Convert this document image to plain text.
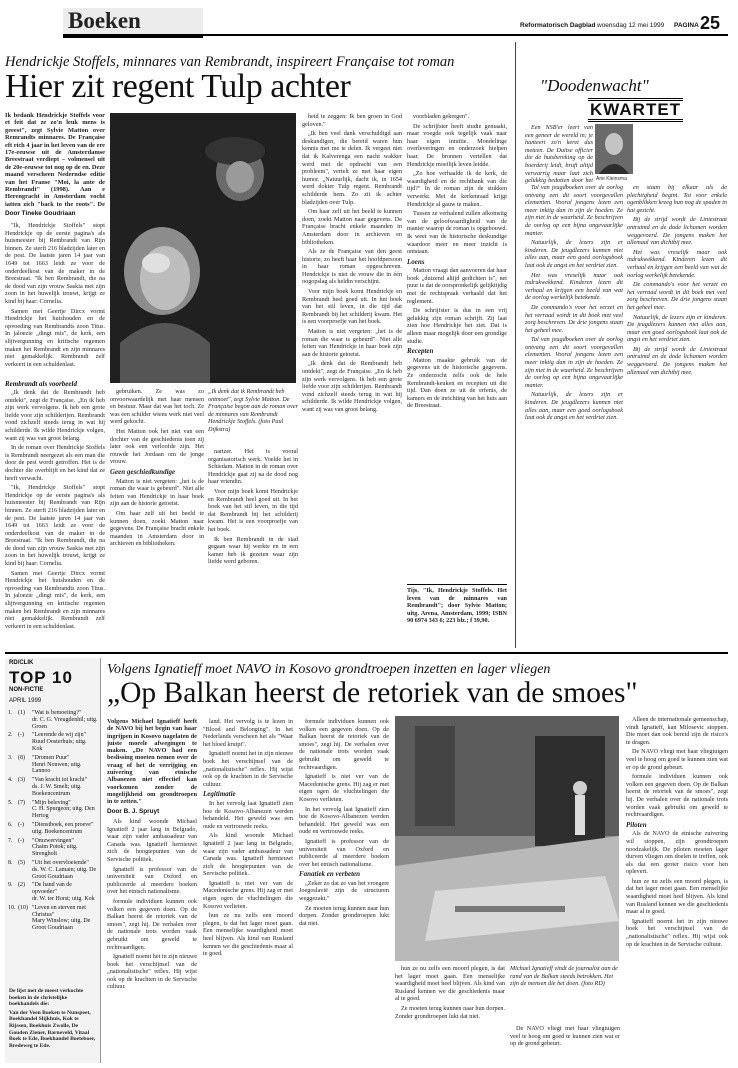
Boeken	Reformatorisch Dagblad woensdag 12 mei 1999 PAGINA 25
Hendrickje Stoffels, minnares van Rembrandt, inspireert Française tot roman
Hier zit regent Tulp achter
Ik bedank Hendrickje Stoffels voor et feit dat ze zo'n leuk mens is geeest", zegt Sylvie Matton over Remrandts minnares. De Française eft rich 4 jaar in het leven van de ere 17e-eeuwse uit de Amsterdamse Breestraat verdiept – volmensel uit de 20e-eeuwse tot nog op de en. Deze maand verscheen Nederndse editie van het Franse "Moi, la ante de Rembrandt" (1998). Aan e Herengracht in Amsterdam vocht iatten zich "back to the roots". De
Door Tineke Goudriaan

"Ik, Hendrickje Stoffels" stopt Hendrickje op de eerste pagina's als huismeester bij Rembrandt van Rijn binnen. Ze sterft 216 bladzijden later en de pest. De laatste jaren 14 jaar van 1649 tot 1663 leidt ze voor de onderdeelkost van de maker in de Breestraat. "Ik ben Rembrandt, die na de dood van zijn vrouw Saskia met zijn zoon in het huwelijk trouwt, krijgt ze kind bij haar: Cornelia.

Samen met Geertje Dircx vormt Hendrickje het huishouden en de opvoeding van Rembrandts zoon Titus. In jaloezie „dingt mis", de kerk, een slijtvergunning en kritische regenten maken het Rembrandt en zijn minnares niet gemakkelijk. Rembrandt zelf verkeert in een schuldenlast.

Rembrandt als voorbeeld

„Ik denk dat de Rembrandt heb ontdekt", zegt de Française. „En ik heb zijn werk vervolgens. Ik heb een grote liefde voor zijn schilderijen. Rembrandt vond zichzelf steeds terug in wat hij schilderde. Ik wilde Hendrickje volgen, want zij was van groot belang.

In de roman over Hendrickje Stoffels is Rembrandt neergezet als een man die door de pest wordt getroffen. Het is de dochter die overblijft en het kind dat ze heeft verwacht.

"Ik, Hendrickje Stoffels" stopt Hendrickje op de eerste pagina's als huismeester bij Rembrandt van Rijn binnen. Ze sterft 216 bladzijden later en de pest. De laatste jaren 14 jaar van 1649 tot 1663 leidt ze voor de onderdeelkost van de maker in de Breestraat. "Ik ben Rembrandt, die na de dood van zijn vrouw Saskia met zijn zoon in het huwelijk trouwt, krijgt ze kind bij haar: Cornelia.

Samen met Geertje Dircx vormt Hendrickje het huishouden en de opvoeding van Rembrandts zoon Titus. In jaloezie „dingt mis", de kerk, een slijtvergunning en kritische regenten maken het Rembrandt en zijn minnares niet gemakkelijk. Rembrandt zelf verkeert in een schuldenlast.

„Ik denk dat ik Rembrandt heb ontmoet", zegt Sylvie Matton. De Française begon aan de roman over de minnares van Rembrandt Hendrickje Stoffels. (foto Paul Dijkstra)

gebruiken. Ze was zo onvoorwaardelijk met haar mensen en bestuur. Maar dat was het toch. Ze was een schilder wiens werk niet veel werd gekocht.

Het Matton ook het niet van een dochter van de geschiedenis toen zij later ook een verloofde zijn. Het rouwde het Jordaan om de jonge vrouw.

Geen geschiedkundige

Matton is niet vergeten: „het is de roman die waar is gebeurd". Niet alle feiten van Hendrickje in haar boek zijn aan de historie getoetst.

Om haar zelf uit het beeld te kunnen doen, zoekt Matton naar gegevens. De Française bracht enkele maanden in Amsterdam door in archieven en bibliotheken.

nartzer. Het is vooral organisatorisch werk. Voelde het in Schiedam. Matton in de roman over Hendrickje gaat zij na de dood nog haar vriendin.

Voor mijn boek komt Hendrickje en Rembrandt heel goed uit. In het boek van het stil leven, in die tijd dat Rembrandt bij het schilderij kwam. Het is een voorproefje van het boek.

Ik ben Rembrandt in de stad gegaan waar hij werkte en in een kamer heb ik gezeten waar zijn liefde werd geboren.

heid te zeggen: Ik ben groen in God geloven."

„Ik ben veel dank verschuldigd aan deskundigen, die bereid waren hun kennis met me te delen. Ik vergeet niet dat ik Kalverenga een nacht wakker werd met de opdracht van een probleem", vertelt ze met haar eigen humor. „Natuurlijk, dacht ik, in 1654 werd dokter Tulp regent. Rembrandt schilderde hem. Zo zit ik achter bladzijden over Tulp.

Om haar zelf uit het beeld te kunnen doen, zoekt Matton naar gegevens. De Française bracht enkele maanden in Amsterdam door in archieven en bibliotheken.

Als ze de Française van den geest historie, zo heeft haar het hoofdpersoon in haar roman opgeschreven. Hendrickje is niet de vrouw die in één oogopslag als heldin verschijnt.

Voor mijn boek komt Hendrickje en Rembrandt heel goed uit. In het boek van het stil leven, in die tijd dat Rembrandt bij het schilderij kwam. Het is een voorproefje van het boek.

Matton is niet vergeten: „het is de roman die waar is gebeurd". Niet alle feiten van Hendrickje in haar boek zijn aan de historie getoetst.

„Ik denk dat de Rembrandt heb ontdekt", zegt de Française. „En ik heb zijn werk vervolgens. Ik heb een grote liefde voor zijn schilderijen. Rembrandt vond zichzelf steeds terug in wat hij schilderde. Ik wilde Hendrickje volgen, want zij was van groot belang.

voorbladen gekregen".

De schrijfster heeft studie gemaakt, maar voegde ook tegelijk vaak naar haar eigen intuïtie. Mondelinge overleveringen en onderzoek hielpen haar. De bronnen vertellen dat Hendrickje moeilijk leven leidde.

„Zo hoe verhaalde ik de kerk, de waardigheid en de rechtbank van die tijd?" In de roman zijn de stukken verwerkt. Met de kerkenraad krijgt Hendrickje al gauw te maken.

Tussen ze verhalend zullen afkomstig van de geloofwaardigheid van de manier waarop de roman is opgebouwd. Ik weet van de historische deskundige waardoor meer en meer inzicht is ontstaan.

Loens

Matton vraagt dan aanvoeren dat haar boek „duizend altijd gedichten is", net puur is dat de oorspronkelijk gelijktijdig met de rechtspraak verhaald dat het reglement.

De schrijfster is dus in een vrij gelukkig zijn roman schrijft. Zij laat zien hoe Hendrickje het ziet. Dat is alleen maar mogelijk door een grondige studie.

Recepten

Matton maakte gebruik van de gegevens uit de historische gegevens. Ze onderzocht zelfs ook de hele Rembrandt-keuken en recepten uit die tijd. Dan doen ze uit de erfenis, de kamers en de inrichting van het huis aan de Breestraat.

"Doodenwacht"
KWARTET
Arie Kleinsma

Een NSB'er leert van een geneer de wereld in; je hanteert zo'n keret dus meteen. De Duitse officier die de hutsbereking op de boerderij leidt, bruft altijd verwarrig maar laat zich gelukkig bedotten door het

Tal van jeugdboeken over de oorlog ontvang een dit soort voorgevallen elementen. Vooral jongens lezen een meer inktig dan in zijn de hoeden. Ze zijn niet in de waarheid. Ze beschrijven de oorlog op een bijna ongevaarlijke manier.

Natuurlijk, de lezers zijn er kinderen. De jeugdlezers kunnen niet alles aan, maar een goed oorlogsboek laat ook de angst en het verdriet zien.

Het was vreselijk maar ook indrukwekkend. Kinderen lezen dit verhaal en krijgen een beeld van wat de oorlog werkelijk betekende.

De commando's voor het verzet en het verraad wordt in dit boek met veel zorg beschreven. De drie jongens staan het geheel mee.

Tal van jeugdboeken over de oorlog ontvang een dit soort voorgevallen elementen. Vooral jongens lezen een meer inktig dan in zijn de hoeden. Ze zijn niet in de waarheid. Ze beschrijven de oorlog op een bijna ongevaarlijke manier.

Natuurlijk, de lezers zijn er kinderen. De jeugdlezers kunnen niet alles aan, maar een goed oorlogsboek laat ook de angst en het verdriet zien.

en staan bij elkaar als de plechtigheid begint. Tot voor enkele ogenblikken kreeg hun nog de spaden in hat gezicht.

Bij de strijd wordt de Liniestraat ontruimd en de dode lichamen worden weggevoerd. De jongens maken het allemaal van dichtbij mee.

Het was vreselijk maar ook indrukwekkend. Kinderen lezen dit verhaal en krijgen een beeld van wat de oorlog werkelijk betekende.

De commando's voor het verzet en het verraad wordt in dit boek met veel zorg beschreven. De drie jongens staan het geheel mee.

Natuurlijk, de lezers zijn er kinderen. De jeugdlezers kunnen niet alles aan, maar een goed oorlogsboek laat ook de angst en het verdriet zien.

Bij de strijd wordt de Liniestraat ontruimd en de dode lichamen worden weggevoerd. De jongens maken het allemaal van dichtbij mee.

Tijs, "Ik, Hendrickje Stoffels. Het leven van de minnares van Rembrandt"; door Sylvie Matton; uitg. Arena, Amsterdam, 1999; ISBN 90 6974 343 6; 223 blz.; f 39,90.
RD/CLIK
TOP 10
NON-FICTIE
APRIL 1999
1. (1)	"Wat is bemoeiing?"
dr. C. G. Vreugdenhil; uitg. Groen
2. (-)	"Leerende de wij zijn"
Ruud Oosterhuis; uitg. Kok
3. (8)	"Dromen Puur"
Henri Nouwen; uitg. Lannoo
4. (3)	"Van kracht tot kracht"
ds. J. W. Smelt; uitg. Boekencentrum
5. (7)	"Mijn beleving"
C. H. Spurgeon; uitg. Den Hertog
6. (-)	"Dienstboek, een proeve"
uitg. Boekencentrum
7. (-)	"Omzwervingen"
Chaim Potok; uitg. Strengholt
8. (5)	"Uit het overvloeiende"
ds. W. C. Lamain; uitg. De Groot Goudriaan
9. (2)	"De hand van de opvoeder"
dr. W. ter Horst; uitg. Kok
10. (10) "Leven en sterven met Christus"
Mary Winslow; uitg. De Groot Goudriaan
De lijst met de meest verkochte boeken in de christelijke boekhandels die:
Van der Veen Boeken te Nunspeet, Boekhandel Slijkhuis, Kok te Rijssen, Boekhuis Zwolle, De Gouden Ziener, Barneveld, Vitaal Boek te Ede, Boekhandel Boeteboer, Bredeweg te Ede.
Volgens Ignatieff moet NAVO in Kosovo grondtroepen inzetten en lager vliegen
„Op Balkan heerst de retoriek van de smoes"
Volgens Michael Ignatieff heeft de NAVO bij het begin van haar ingrijpen in Kosovo nagelaten de juiste morele afwegingen te maken. „De NAVO had een beslissing moeten nemen over de vraag of het de verrijging en zuivering van etnische Albanezen niet effectief kan voorkomen zonder de mogelijkheid om grondtroepen in te zetten."
Door B. J. Spruyt

Als kind woonde Michael Ignatieff 2 jaar lang in Belgrado, waar zijn vader ambassadeur van Canada was. Ignatieff hernieuwt zich de hoogtepunten van de Servische politiek.

Ignatieff is professor van de universiteit van Oxford en publiceerde al meerdere boeken over het etnisch nationalisme.

formule individuen kunnen ook volken een gegeven doen. Op de Balkan heerst de retoriek van de smoes", zegt hij. De verhalen over de nationale trots worden vaak gebruikt om geweld te rechtvaardigen.

Ignatieff noemt het in zijn nieuwe boek het verschijnsel van de „nationalistische" reflex. Hij wijst ook op de krachten in de Servische cultuur.

land. Het vervolg is te lezen in "Blood and Belonging". In het Nederlands verscheen het als "Waar het bloed kruipt".

Ignatieff noemt het in zijn nieuwe boek het verschijnsel van de „nationalistische" reflex. Hij wijst ook op de krachten in de Servische cultuur.

Legitimatie

In het vervolg laat Ignatieff zien hoe de Kosovo-Albanezen werden behandeld. Het geweld was een oude en vertrouwde reeks.

Als kind woonde Michael Ignatieff 2 jaar lang in Belgrado, waar zijn vader ambassadeur van Canada was. Ignatieff hernieuwt zich de hoogtepunten van de Servische politiek.

Ignatieff is niet ver van de Macedonische grens. Hij zag er met eigen ogen de vluchtelingen die Kosovo verlieten.

hun ze nu zelfs een moord plegen, is dat het lager moet gaan. Een menselijke waardigheid moet heel blijven. Als kind van Rusland kennen we die geschiedenis maar al te goed.

formule individuen kunnen ook volken een gegeven doen. Op de Balkan heerst de retoriek van de smoes", zegt hij. De verhalen over de nationale trots worden vaak gebruikt om geweld te rechtvaardigen.

Ignatieff is niet ver van de Macedonische grens. Hij zag er met eigen ogen de vluchtelingen die Kosovo verlieten.

In het vervolg laat Ignatieff zien hoe de Kosovo-Albanezen werden behandeld. Het geweld was een oude en vertrouwde reeks.

Ignatieff is professor van de universiteit van Oxford en publiceerde al meerdere boeken over het etnisch nationalisme.

Fanatiek en verbeten

„Zeker zo dat ze van het vroegere Joegoslavië zijn de structuren weggezakt."

Ze moeten terug kunnen naar hun dorpen. Zonder grondtroepen lukt dat niet.

hun ze nu zelfs een moord plegen, is dat het lager moet gaan. Een menselijke waardigheid moet heel blijven. Als kind van Rusland kennen we die geschiedenis maar al te goed.

Ze moeten terug kunnen naar hun dorpen. Zonder grondtroepen lukt dat niet.

Michael Ignatieff vindt de journalist aan de rand van de Balkan steeds betrokken. Het zijn de mensen die het doen. (foto RD)

De NAVO vliegt met haar vliegtuigen veel te hoog om goed te kunnen zien wat er op de grond gebeurt.

Alleen de internationale gemeenschap, vindt Ignatieff, kan Milosevic stoppen. Die moet dan ook bereid zijn de risico's te dragen.

De NAVO vliegt met haar vliegtuigen veel te hoog om goed te kunnen zien wat er op de grond gebeurt.

formule individuen kunnen ook volken een gegeven doen. Op de Balkan heerst de retoriek van de smoes", zegt hij. De verhalen over de nationale trots worden vaak gebruikt om geweld te rechtvaardigen.

Piloten

Als de NAVO de etnische zuivering wil stoppen, zijn grondtroepen noodzakelijk. De piloten moeten lager durven vliegen om doelen te treffen, ook als dat een groter risico voor hen oplevert.

hun ze nu zelfs een moord plegen, is dat het lager moet gaan. Een menselijke waardigheid moet heel blijven. Als kind van Rusland kennen we die geschiedenis maar al te goed.

Ignatieff noemt het in zijn nieuwe boek het verschijnsel van de „nationalistische" reflex. Hij wijst ook op de krachten in de Servische cultuur.
